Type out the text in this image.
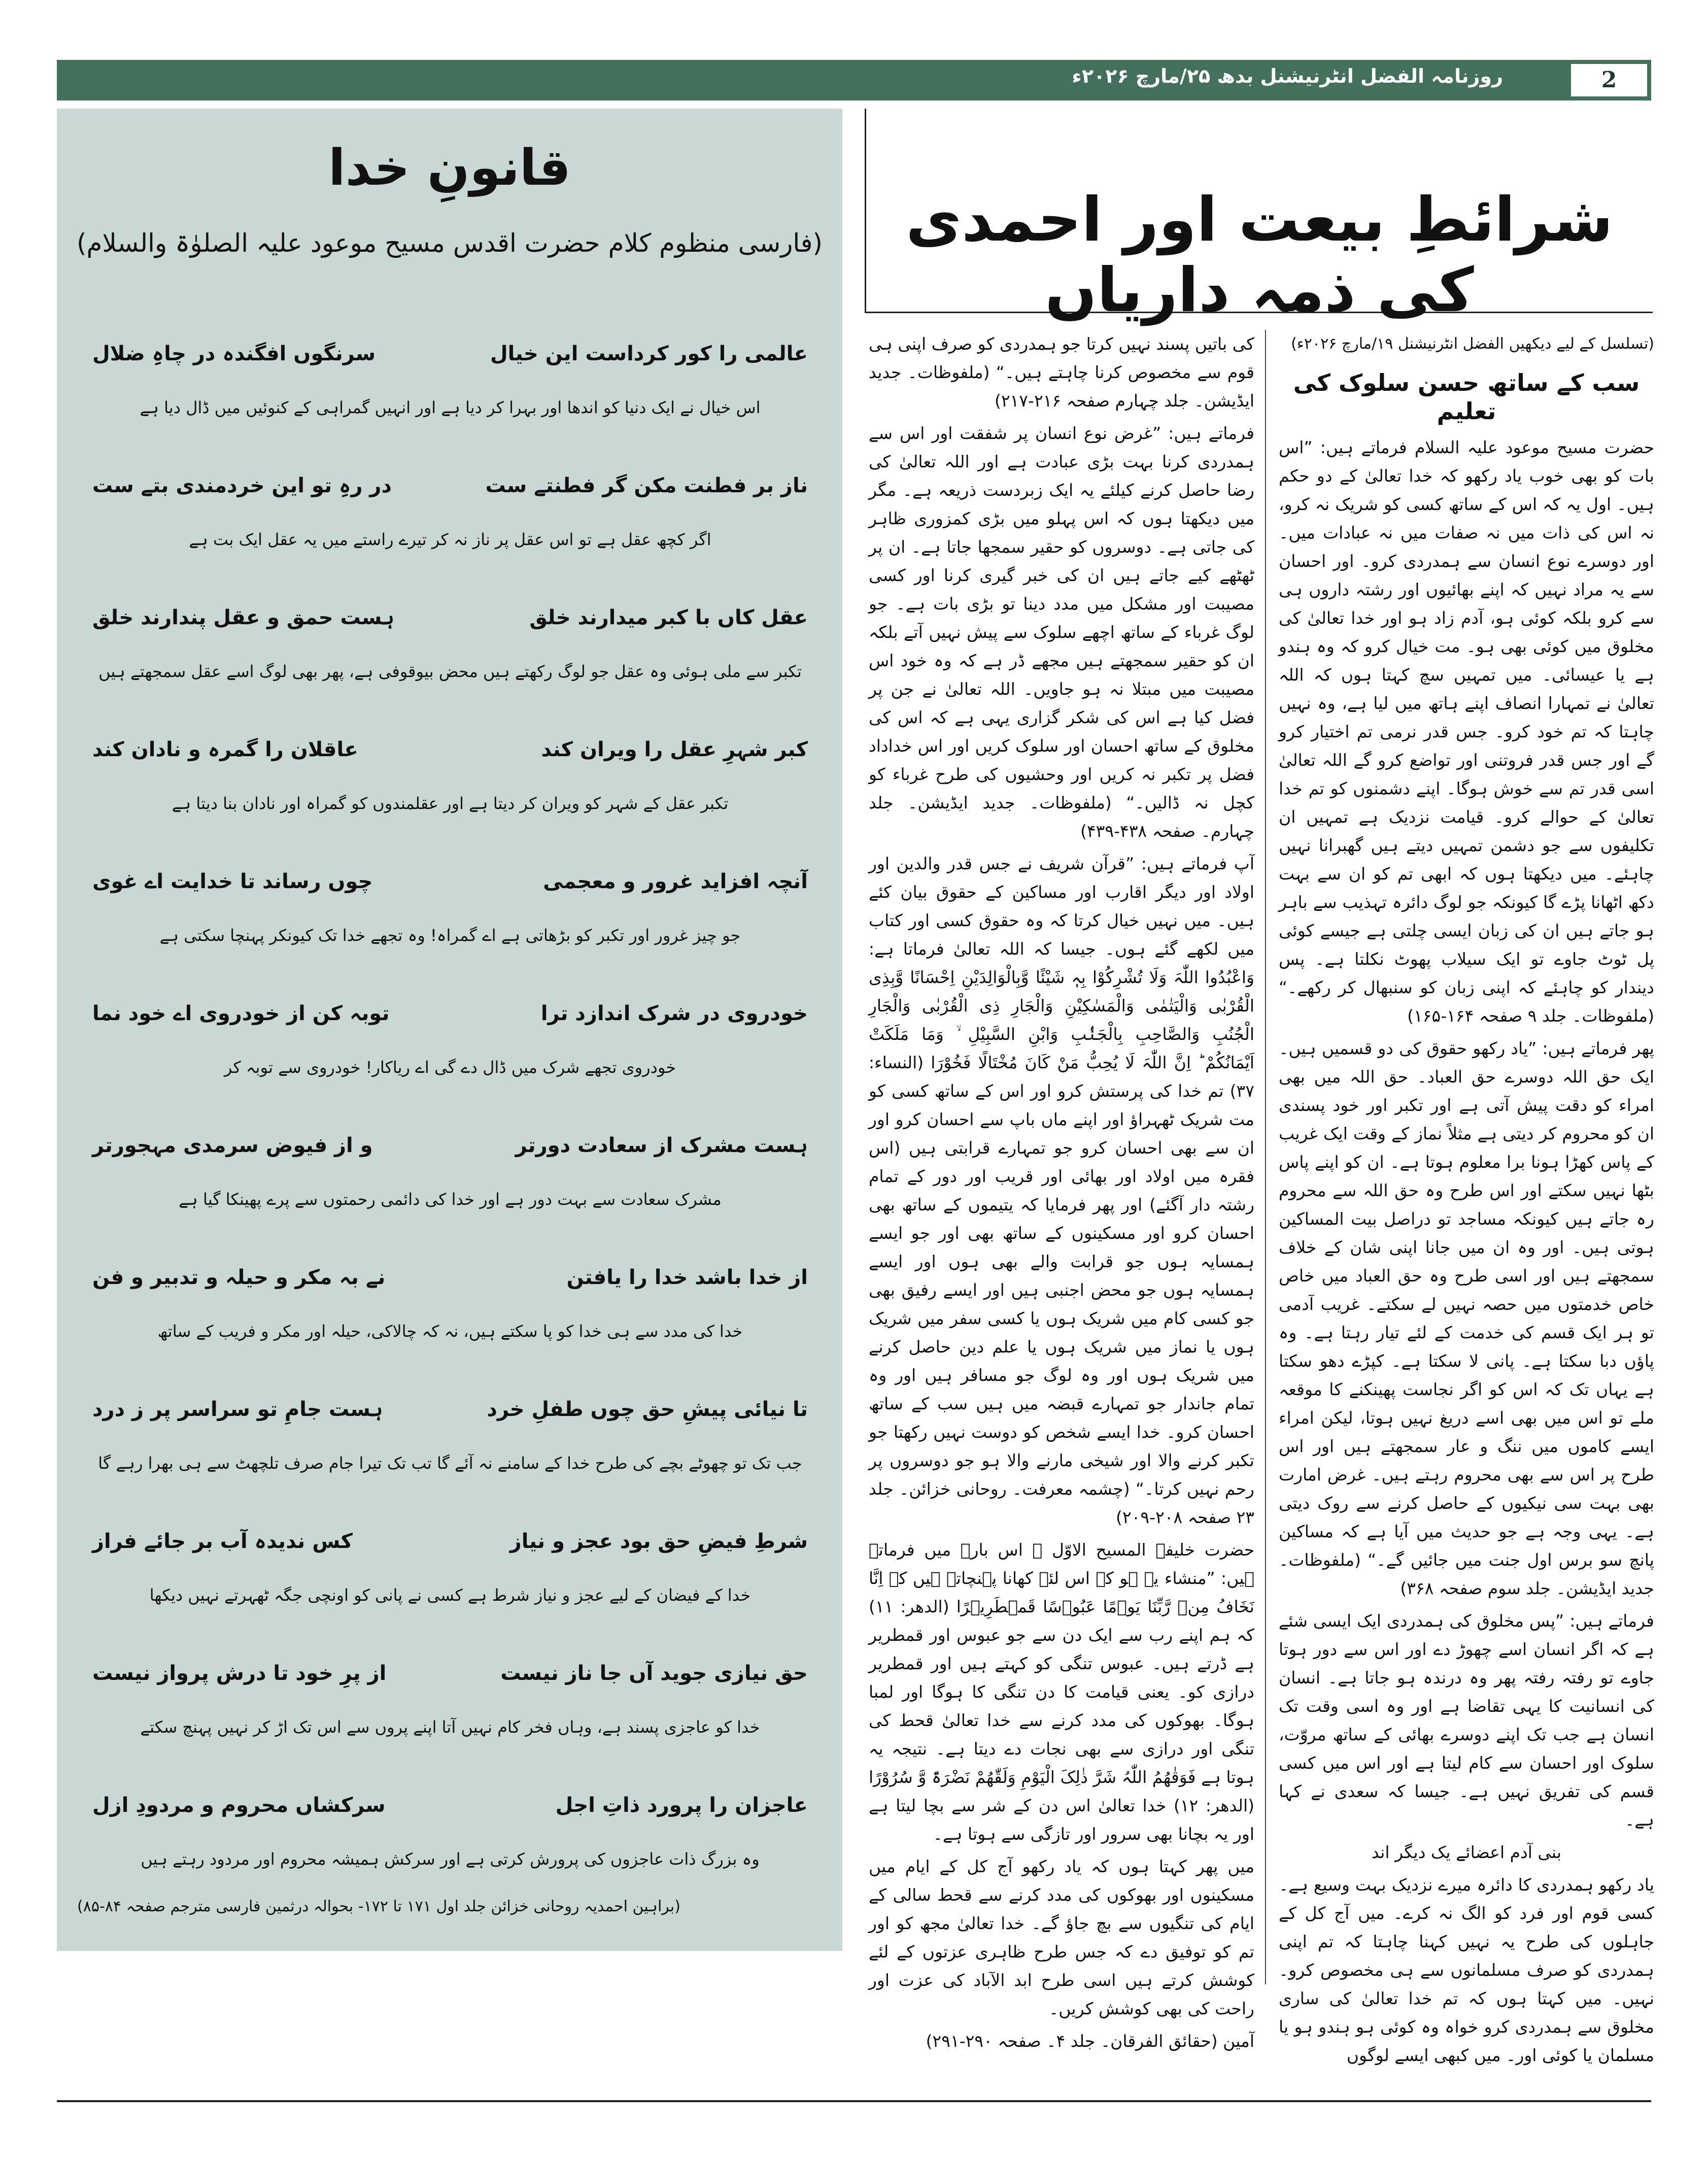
روزنامہ الفضل انٹرنیشنل بدھ ۲۵/مارچ ۲۰۲۶ء	2
قانونِ خدا
(فارسی منظوم کلام حضرت اقدس مسیح موعود علیہ الصلوٰۃ والسلام)
عالمی را کور کرداست این خیال
سرنگوں افگندہ در چاہِ ضلال
اس خیال نے ایک دنیا کو اندھا اور بہرا کر دیا ہے اور انہیں گمراہی کے کنوئیں میں ڈال دیا ہے
ناز بر فطنت مکن گر فطنتے ست
در رہِ تو این خردمندی بتے ست
اگر کچھ عقل ہے تو اس عقل پر ناز نہ کر تیرے راستے میں یہ عقل ایک بت ہے
عقل کاں با کبر میدارند خلق
ہست حمق و عقل پندارند خلق
تکبر سے ملی ہوئی وہ عقل جو لوگ رکھتے ہیں محض بیوقوفی ہے، پھر بھی لوگ اسے عقل سمجھتے ہیں
کبر شہرِ عقل را ویران کند
عاقلان را گمرہ و نادان کند
تکبر عقل کے شہر کو ویران کر دیتا ہے اور عقلمندوں کو گمراہ اور نادان بنا دیتا ہے
آنچہ افزاید غرور و معجمی
چوں رساند تا خدایت اے غوی
جو چیز غرور اور تکبر کو بڑھاتی ہے اے گمراہ! وہ تجھے خدا تک کیونکر پہنچا سکتی ہے
خودروی در شرک اندازد ترا
توبہ کن از خودروی اے خود نما
خودروی تجھے شرک میں ڈال دے گی اے ریاکار! خودروی سے توبہ کر
ہست مشرک از سعادت دورتر
و از فیوض سرمدی مہجورتر
مشرک سعادت سے بہت دور ہے اور خدا کی دائمی رحمتوں سے پرے پھینکا گیا ہے
از خدا باشد خدا را یافتن
نے بہ مکر و حیلہ و تدبیر و فن
خدا کی مدد سے ہی خدا کو پا سکتے ہیں، نہ کہ چالاکی، حیلہ اور مکر و فریب کے ساتھ
تا نیائی پیشِ حق چوں طفلِ خرد
ہست جامِ تو سراسر پر ز درد
جب تک تو چھوٹے بچے کی طرح خدا کے سامنے نہ آئے گا تب تک تیرا جام صرف تلچھٹ سے ہی بھرا رہے گا
شرطِ فیضِ حق بود عجز و نیاز
کس ندیدہ آب بر جائے فراز
خدا کے فیضان کے لیے عجز و نیاز شرط ہے کسی نے پانی کو اونچی جگہ ٹھہرتے نہیں دیکھا
حق نیازی جوید آں جا ناز نیست
از پرِ خود تا درش پرواز نیست
خدا کو عاجزی پسند ہے، وہاں فخر کام نہیں آتا اپنے پروں سے اس تک اڑ کر نہیں پہنچ سکتے
(براہین احمدیہ روحانی خزائن جلد اول ۱۷۱ تا ۱۷۲- بحوالہ درثمین فارسی مترجم صفحہ ۸۴-۸۵)
عاجزان را پرورد ذاتِ اجل
سرکشاں محروم و مردودِ ازل
وہ بزرگ ذات عاجزوں کی پرورش کرتی ہے اور سرکش ہمیشہ محروم اور مردود رہتے ہیں
شرائطِ بیعت اور احمدی کی ذمہ داریاں

(تسلسل کے لیے دیکھیں الفضل انٹرنیشنل ۱۹/مارچ ۲۰۲۶ء)

سب کے ساتھ حسن سلوک کی تعلیم

حضرت مسیح موعود علیہ السلام فرماتے ہیں: ”اس بات کو بھی خوب یاد رکھو کہ خدا تعالیٰ کے دو حکم ہیں۔ اول یہ کہ اس کے ساتھ کسی کو شریک نہ کرو، نہ اس کی ذات میں نہ صفات میں نہ عبادات میں۔ اور دوسرے نوع انسان سے ہمدردی کرو۔ اور احسان سے یہ مراد نہیں کہ اپنے بھائیوں اور رشتہ داروں ہی سے کرو بلکہ کوئی ہو، آدم زاد ہو اور خدا تعالیٰ کی مخلوق میں کوئی بھی ہو۔ مت خیال کرو کہ وہ ہندو ہے یا عیسائی۔ میں تمہیں سچ کہتا ہوں کہ اللہ تعالیٰ نے تمہارا انصاف اپنے ہاتھ میں لیا ہے، وہ نہیں چاہتا کہ تم خود کرو۔ جس قدر نرمی تم اختیار کرو گے اور جس قدر فروتنی اور تواضع کرو گے اللہ تعالیٰ اسی قدر تم سے خوش ہوگا۔ اپنے دشمنوں کو تم خدا تعالیٰ کے حوالے کرو۔ قیامت نزدیک ہے تمہیں ان تکلیفوں سے جو دشمن تمہیں دیتے ہیں گھبرانا نہیں چاہئے۔ میں دیکھتا ہوں کہ ابھی تم کو ان سے بہت دکھ اٹھانا پڑے گا کیونکہ جو لوگ دائرہ تہذیب سے باہر ہو جاتے ہیں ان کی زبان ایسی چلتی ہے جیسے کوئی پل ٹوٹ جاوے تو ایک سیلاب پھوٹ نکلتا ہے۔ پس دیندار کو چاہئے کہ اپنی زبان کو سنبھال کر رکھے۔“ (ملفوظات۔ جلد ۹ صفحہ ۱۶۴-۱۶۵)

پھر فرماتے ہیں: ”یاد رکھو حقوق کی دو قسمیں ہیں۔ ایک حق اللہ دوسرے حق العباد۔ حق اللہ میں بھی امراء کو دقت پیش آتی ہے اور تکبر اور خود پسندی ان کو محروم کر دیتی ہے مثلاً نماز کے وقت ایک غریب کے پاس کھڑا ہونا برا معلوم ہوتا ہے۔ ان کو اپنے پاس بٹھا نہیں سکتے اور اس طرح وہ حق اللہ سے محروم رہ جاتے ہیں کیونکہ مساجد تو دراصل بیت المساکین ہوتی ہیں۔ اور وہ ان میں جانا اپنی شان کے خلاف سمجھتے ہیں اور اسی طرح وہ حق العباد میں خاص خاص خدمتوں میں حصہ نہیں لے سکتے۔ غریب آدمی تو ہر ایک قسم کی خدمت کے لئے تیار رہتا ہے۔ وہ پاؤں دبا سکتا ہے۔ پانی لا سکتا ہے۔ کپڑے دھو سکتا ہے یہاں تک کہ اس کو اگر نجاست پھینکنے کا موقعہ ملے تو اس میں بھی اسے دریغ نہیں ہوتا، لیکن امراء ایسے کاموں میں ننگ و عار سمجھتے ہیں اور اس طرح پر اس سے بھی محروم رہتے ہیں۔ غرض امارت بھی بہت سی نیکیوں کے حاصل کرنے سے روک دیتی ہے۔ یہی وجہ ہے جو حدیث میں آیا ہے کہ مساکین پانچ سو برس اول جنت میں جائیں گے۔“ (ملفوظات۔ جدید ایڈیشن۔ جلد سوم صفحہ ۳۶۸)

فرماتے ہیں: ”پس مخلوق کی ہمدردی ایک ایسی شئے ہے کہ اگر انسان اسے چھوڑ دے اور اس سے دور ہوتا جاوے تو رفتہ رفتہ پھر وہ درندہ ہو جاتا ہے۔ انسان کی انسانیت کا یہی تقاضا ہے اور وہ اسی وقت تک انسان ہے جب تک اپنے دوسرے بھائی کے ساتھ مروّت، سلوک اور احسان سے کام لیتا ہے اور اس میں کسی قسم کی تفریق نہیں ہے۔ جیسا کہ سعدی نے کہا ہے۔

بنی آدم اعضائے یک دیگر اند

یاد رکھو ہمدردی کا دائرہ میرے نزدیک بہت وسیع ہے۔ کسی قوم اور فرد کو الگ نہ کرے۔ میں آج کل کے جاہلوں کی طرح یہ نہیں کہنا چاہتا کہ تم اپنی ہمدردی کو صرف مسلمانوں سے ہی مخصوص کرو۔ نہیں۔ میں کہتا ہوں کہ تم خدا تعالیٰ کی ساری مخلوق سے ہمدردی کرو خواہ وہ کوئی ہو ہندو ہو یا مسلمان یا کوئی اور۔ میں کبھی ایسے لوگوں

کی باتیں پسند نہیں کرتا جو ہمدردی کو صرف اپنی ہی قوم سے مخصوص کرنا چاہتے ہیں۔“ (ملفوظات۔ جدید ایڈیشن۔ جلد چہارم صفحہ ۲۱۶-۲۱۷)

فرماتے ہیں: ”غرض نوع انسان پر شفقت اور اس سے ہمدردی کرنا بہت بڑی عبادت ہے اور اللہ تعالیٰ کی رضا حاصل کرنے کیلئے یہ ایک زبردست ذریعہ ہے۔ مگر میں دیکھتا ہوں کہ اس پہلو میں بڑی کمزوری ظاہر کی جاتی ہے۔ دوسروں کو حقیر سمجھا جاتا ہے۔ ان پر ٹھٹھے کیے جاتے ہیں ان کی خبر گیری کرنا اور کسی مصیبت اور مشکل میں مدد دینا تو بڑی بات ہے۔ جو لوگ غرباء کے ساتھ اچھے سلوک سے پیش نہیں آتے بلکہ ان کو حقیر سمجھتے ہیں مجھے ڈر ہے کہ وہ خود اس مصیبت میں مبتلا نہ ہو جاویں۔ اللہ تعالیٰ نے جن پر فضل کیا ہے اس کی شکر گزاری یہی ہے کہ اس کی مخلوق کے ساتھ احسان اور سلوک کریں اور اس خداداد فضل پر تکبر نہ کریں اور وحشیوں کی طرح غرباء کو کچل نہ ڈالیں۔“ (ملفوظات۔ جدید ایڈیشن۔ جلد چہارم۔ صفحہ ۴۳۸-۴۳۹)

آپ فرماتے ہیں: ”قرآن شریف نے جس قدر والدین اور اولاد اور دیگر اقارب اور مساکین کے حقوق بیان کئے ہیں۔ میں نہیں خیال کرتا کہ وہ حقوق کسی اور کتاب میں لکھے گئے ہوں۔ جیسا کہ اللہ تعالیٰ فرماتا ہے: وَاعْبُدُوا اللّٰہَ وَلَا تُشْرِکُوْا بِہٖ شَیْئًا وَّبِالْوَالِدَیْنِ اِحْسَانًا وَّبِذِی الْقُرْبٰی وَالْیَتٰمٰی وَالْمَسٰکِیْنِ وَالْجَارِ ذِی الْقُرْبٰی وَالْجَارِ الْجُنُبِ وَالصَّاحِبِ بِالْجَنْۢبِ وَابْنِ السَّبِیْلِ ۙ وَمَا مَلَکَتْ اَیْمَانُکُمْ ؕ اِنَّ اللّٰہَ لَا یُحِبُّ مَنْ کَانَ مُخْتَالًا فَخُوْرَا (النساء: ۳۷) تم خدا کی پرستش کرو اور اس کے ساتھ کسی کو مت شریک ٹھہراؤ اور اپنے ماں باپ سے احسان کرو اور ان سے بھی احسان کرو جو تمہارے قرابتی ہیں (اس فقرہ میں اولاد اور بھائی اور قریب اور دور کے تمام رشتہ دار آگئے) اور پھر فرمایا کہ یتیموں کے ساتھ بھی احسان کرو اور مسکینوں کے ساتھ بھی اور جو ایسے ہمسایہ ہوں جو قرابت والے بھی ہوں اور ایسے ہمسایہ ہوں جو محض اجنبی ہیں اور ایسے رفیق بھی جو کسی کام میں شریک ہوں یا کسی سفر میں شریک ہوں یا نماز میں شریک ہوں یا علم دین حاصل کرنے میں شریک ہوں اور وہ لوگ جو مسافر ہیں اور وہ تمام جاندار جو تمہارے قبضہ میں ہیں سب کے ساتھ احسان کرو۔ خدا ایسے شخص کو دوست نہیں رکھتا جو تکبر کرنے والا اور شیخی مارنے والا ہو جو دوسروں پر رحم نہیں کرتا۔“ (چشمہ معرفت۔ روحانی خزائن۔ جلد ۲۳ صفحہ ۲۰۸-۲۰۹)

حضرت خلیفۃ المسیح الاوّل ؓ اس بارہ میں فرماتے ہیں: ”منشاء یہ ہو کہ اس لئے کھانا پہنچاتے ہیں کہ اِنَّا نَخَافُ مِنۡ رَّبِّنَا یَوۡمًا عَبُوۡسًا قَمۡطَرِیۡرًا (الدھر: ۱۱) کہ ہم اپنے رب سے ایک دن سے جو عبوس اور قمطریر ہے ڈرتے ہیں۔ عبوس تنگی کو کہتے ہیں اور قمطریر درازی کو۔ یعنی قیامت کا دن تنگی کا ہوگا اور لمبا ہوگا۔ بھوکوں کی مدد کرنے سے خدا تعالیٰ قحط کی تنگی اور درازی سے بھی نجات دے دیتا ہے۔ نتیجہ یہ ہوتا ہے فَوَقٰهُمُ اللّٰہُ شَرَّ ذٰلِکَ الْیَوْمِ وَلَقّٰهُمْ نَضْرَۃً وَّ سُرُوْرًا (الدھر: ۱۲) خدا تعالیٰ اس دن کے شر سے بچا لیتا ہے اور یہ بچانا بھی سرور اور تازگی سے ہوتا ہے۔

میں پھر کہتا ہوں کہ یاد رکھو آج کل کے ایام میں مسکینوں اور بھوکوں کی مدد کرنے سے قحط سالی کے ایام کی تنگیوں سے بچ جاؤ گے۔ خدا تعالیٰ مجھ کو اور تم کو توفیق دے کہ جس طرح ظاہری عزتوں کے لئے کوشش کرتے ہیں اسی طرح ابد الآباد کی عزت اور راحت کی بھی کوشش کریں۔

آمین (حقائق الفرقان۔ جلد ۴۔ صفحہ ۲۹۰-۲۹۱)
